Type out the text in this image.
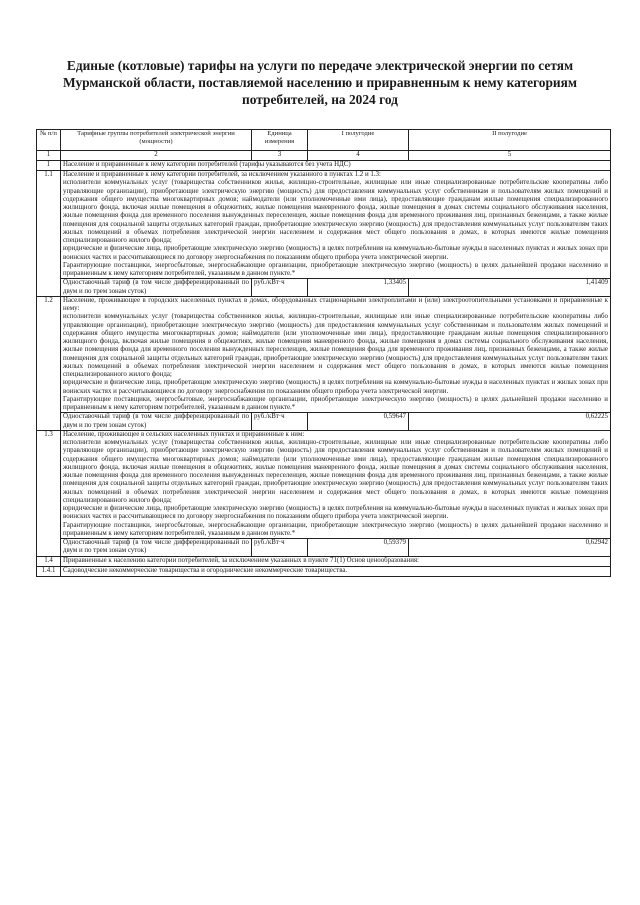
Единые (котловые) тарифы на услуги по передаче электрической энергии по сетям Мурманской области, поставляемой населению и приравненным к нему категориям потребителей, на 2024 год
№ п/п	Тарифные группы потребителей электрической энергии (мощности)	Единица измерения	I полугодие	II полугодие
1	2	3	4	5
1	Население и приравненные к нему категории потребителей (тарифы указываются без учета НДС)			
1.1	Население и приравненные к нему категории потребителей, за исключением указанного в пунктах 1.2 и 1.3:

исполнители коммунальных услуг (товарищества собственников жилья, жилищно-строительные, жилищные или иные специализированные потребительские кооперативы либо управляющие организации), приобретающие электрическую энергию (мощность) для предоставления коммунальных услуг собственникам и пользователям жилых помещений и содержания общего имущества многоквартирных домов; наймодатели (или уполномоченные ими лица), предоставляющие гражданам жилые помещения специализированного жилищного фонда, включая жилые помещения в общежитиях, жилые помещения маневренного фонда, жилые помещения в домах системы социального обслуживания населения, жилые помещения фонда для временного поселения вынужденных переселенцев, жилые помещения фонда для временного проживания лиц, признанных беженцами, а также жилые помещения для социальной защиты отдельных категорий граждан, приобретающие электрическую энергию (мощность) для предоставления коммунальных услуг пользователям таких жилых помещений в объемах потребления электрической энергии населением и содержания мест общего пользования в домах, в которых имеются жилые помещения специализированного жилого фонда;

юридические и физические лица, приобретающие электрическую энергию (мощность) в целях потребления на коммунально-бытовые нужды в населенных пунктах и жилых зонах при воинских частях и рассчитывающиеся по договору энергоснабжения по показаниям общего прибора учета электрической энергии.

Гарантирующие поставщики, энергосбытовые, энергоснабжающие организации, приобретающие электрическую энергию (мощность) в целях дальнейшей продажи населению и приравненным к нему категориям потребителей, указанным в данном пункте.*			

	Одноставочный тариф (в том числе дифференцированный по двум и по трем зонам суток)	руб./кВт·ч	1,33405	1,41409
1.2	Население, проживающее в городских населенных пунктах в домах, оборудованных стационарными электроплитами и (или) электроотопительными установками и приравненные к нему:

исполнители коммунальных услуг (товарищества собственников жилья, жилищно-строительные, жилищные или иные специализированные потребительские кооперативы либо управляющие организации), приобретающие электрическую энергию (мощность) для предоставления коммунальных услуг собственникам и пользователям жилых помещений и содержания общего имущества многоквартирных домов; наймодатели (или уполномоченные ими лица), предоставляющие гражданам жилые помещения специализированного жилищного фонда, включая жилые помещения в общежитиях, жилые помещения маневренного фонда, жилые помещения в домах системы социального обслуживания населения, жилые помещения фонда для временного поселения вынужденных переселенцев, жилые помещения фонда для временного проживания лиц, признанных беженцами, а также жилые помещения для социальной защиты отдельных категорий граждан, приобретающие электрическую энергию (мощность) для предоставления коммунальных услуг пользователям таких жилых помещений в объемах потребления электрической энергии населением и содержания мест общего пользования в домах, в которых имеются жилые помещения специализированного жилого фонда;

юридические и физические лица, приобретающие электрическую энергию (мощность) в целях потребления на коммунально-бытовые нужды в населенных пунктах и жилых зонах при воинских частях и рассчитывающиеся по договору энергоснабжения по показаниям общего прибора учета электрической энергии.

Гарантирующие поставщики, энергосбытовые, энергоснабжающие организации, приобретающие электрическую энергию (мощность) в целях дальнейшей продажи населению и приравненным к нему категориям потребителей, указанным в данном пункте.*			

	Одноставочный тариф (в том числе дифференцированный по двум и по трем зонам суток)	руб./кВт·ч	0,59647	0,62225
1.3	Население, проживающее в сельских населенных пунктах и приравненные к ним:

исполнители коммунальных услуг (товарищества собственников жилья, жилищно-строительные, жилищные или иные специализированные потребительские кооперативы либо управляющие организации), приобретающие электрическую энергию (мощность) для предоставления коммунальных услуг собственникам и пользователям жилых помещений и содержания общего имущества многоквартирных домов; наймодатели (или уполномоченные ими лица), предоставляющие гражданам жилые помещения специализированного жилищного фонда, включая жилые помещения в общежитиях, жилые помещения маневренного фонда, жилые помещения в домах системы социального обслуживания населения, жилые помещения фонда для временного поселения вынужденных переселенцев, жилые помещения фонда для временного проживания лиц, признанных беженцами, а также жилые помещения для социальной защиты отдельных категорий граждан, приобретающие электрическую энергию (мощность) для предоставления коммунальных услуг пользователям таких жилых помещений в объемах потребления электрической энергии населением и содержания мест общего пользования в домах, в которых имеются жилые помещения специализированного жилого фонда;

юридические и физические лица, приобретающие электрическую энергию (мощность) в целях потребления на коммунально-бытовые нужды в населенных пунктах и жилых зонах при воинских частях и рассчитывающиеся по договору энергоснабжения по показаниям общего прибора учета электрической энергии.

Гарантирующие поставщики, энергосбытовые, энергоснабжающие организации, приобретающие электрическую энергию (мощность) в целях дальнейшей продажи населению и приравненным к нему категориям потребителей, указанным в данном пункте.*			

	Одноставочный тариф (в том числе дифференцированный по двум и по трем зонам суток)	руб./кВт·ч	0,59379	0,62942
1.4	Приравненные к населению категории потребителей, за исключением указанных в пункте 71(1) Основ ценообразования:			
1.4.1	Садоводческие некоммерческие товарищества и огороднические некоммерческие товарищества.			
